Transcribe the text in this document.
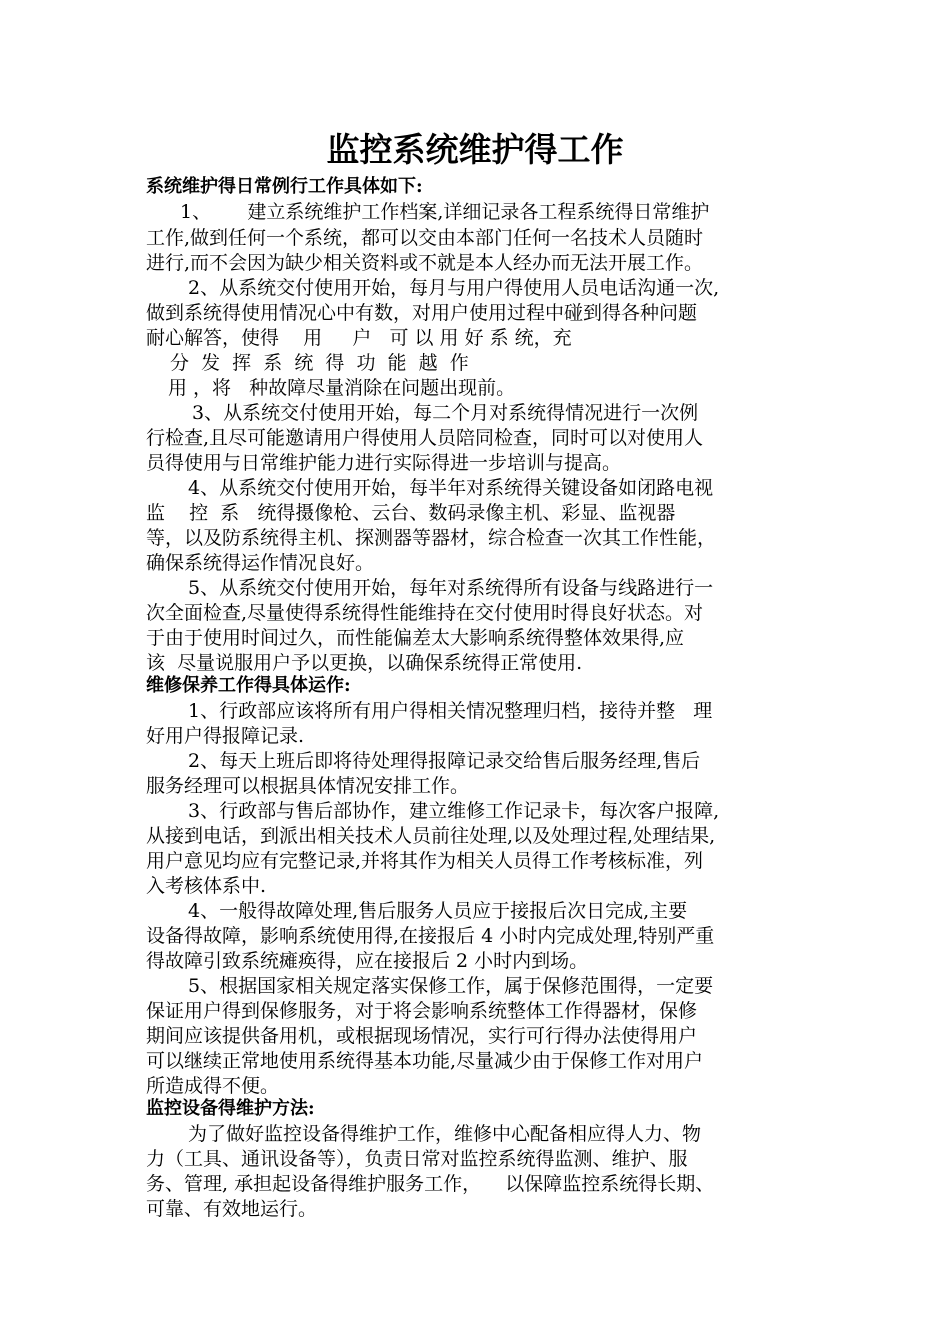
监控系统维护得工作
系统维护得日常例行工作具体如下:
1、      建立系统维护工作档案,详细记录各工程系统得日常维护
工作,做到任何一个系统，都可以交由本部门任何一名技术人员随时
进行,而不会因为缺少相关资料或不就是本人经办而无法开展工作。
2、从系统交付使用开始，每月与用户得使用人员电话沟通一次,
做到系统得使用情况心中有数，对用户使用过程中碰到得各种问题
耐心解答，使得    用     户   可 以 用 好 系 统，充
分  发  挥  系  统  得  功  能  越  作
用 ，将   种故障尽量消除在问题出现前。
3、从系统交付使用开始，每二个月对系统得情况进行一次例
行检查,且尽可能邀请用户得使用人员陪同检查，同时可以对使用人
员得使用与日常维护能力进行实际得进一步培训与提高。
4、从系统交付使用开始，每半年对系统得关键设备如闭路电视
监    控  系   统得摄像枪、云台、数码录像主机、彩显、监视器
等，以及防系统得主机、探测器等器材，综合检查一次其工作性能，
确保系统得运作情况良好。
5、从系统交付使用开始，每年对系统得所有设备与线路进行一
次全面检查,尽量使得系统得性能维持在交付使用时得良好状态。对
于由于使用时间过久，而性能偏差太大影响系统得整体效果得,应
该  尽量说服用户予以更换，以确保系统得正常使用.
维修保养工作得具体运作:
1、行政部应该将所有用户得相关情况整理归档，接待并整   理
好用户得报障记录.
2、每天上班后即将待处理得报障记录交给售后服务经理,售后
服务经理可以根据具体情况安排工作。
3、行政部与售后部协作，建立维修工作记录卡，每次客户报障,
从接到电话，到派出相关技术人员前往处理,以及处理过程,处理结果,
用户意见均应有完整记录,并将其作为相关人员得工作考核标准，列
入考核体系中.
4、一般得故障处理,售后服务人员应于接报后次日完成,主要
设备得故障，影响系统使用得,在接报后 4 小时内完成处理,特别严重
得故障引致系统瘫痪得，应在接报后 2 小时内到场。
5、根据国家相关规定落实保修工作，属于保修范围得，一定要
保证用户得到保修服务，对于将会影响系统整体工作得器材，保修
期间应该提供备用机，或根据现场情况，实行可行得办法使得用户
可以继续正常地使用系统得基本功能,尽量减少由于保修工作对用户
所造成得不便。
监控设备得维护方法:
为了做好监控设备得维护工作，维修中心配备相应得人力、物
力（工具、通讯设备等），负责日常对监控系统得监测、维护、服
务、管理, 承担起设备得维护服务工作，    以保障监控系统得长期、
可靠、有效地运行。
